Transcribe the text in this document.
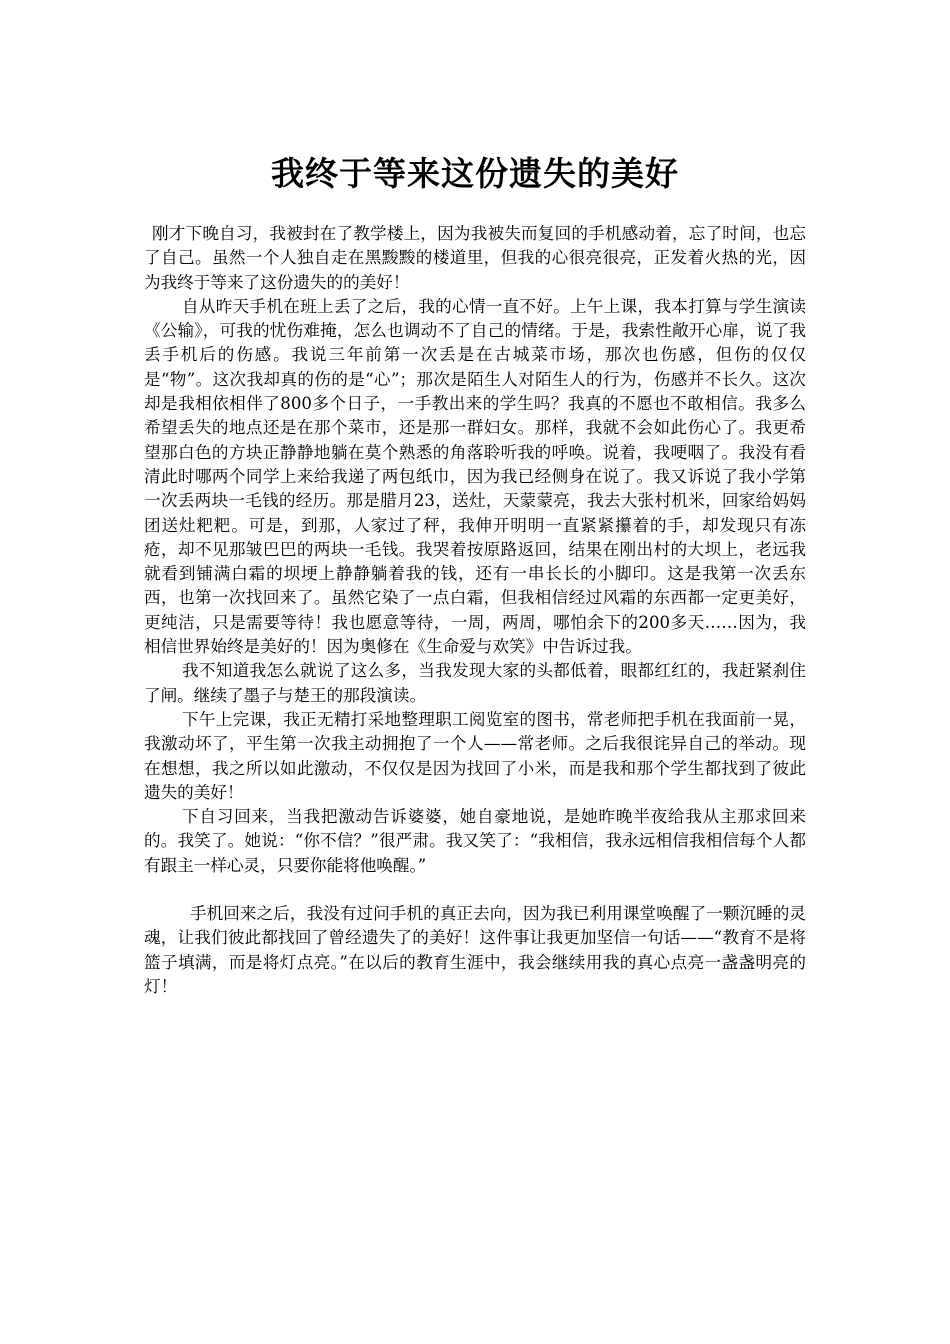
我终于等来这份遗失的美好

刚才下晚自习，我被封在了教学楼上，因为我被失而复回的手机感动着，忘了时间，也忘了自己。虽然一个人独自走在黑黢黢的楼道里，但我的心很亮很亮，正发着火热的光，因为我终于等来了这份遗失的的美好！

自从昨天手机在班上丢了之后，我的心情一直不好。上午上课，我本打算与学生演读《公输》，可我的忧伤难掩，怎么也调动不了自己的情绪。于是，我索性敞开心扉，说了我丢手机后的伤感。我说三年前第一次丢是在古城菜市场，那次也伤感，但伤的仅仅是“物”。这次我却真的伤的是“心”；那次是陌生人对陌生人的行为，伤感并不长久。这次却是我相依相伴了800多个日子，一手教出来的学生吗？我真的不愿也不敢相信。我多么希望丢失的地点还是在那个菜市，还是那一群妇女。那样，我就不会如此伤心了。我更希望那白色的方块正静静地躺在莫个熟悉的角落聆听我的呼唤。说着，我哽咽了。我没有看清此时哪两个同学上来给我递了两包纸巾，因为我已经侧身在说了。我又诉说了我小学第一次丢两块一毛钱的经历。那是腊月23，送灶，天蒙蒙亮，我去大张村机米，回家给妈妈团送灶粑粑。可是，到那，人家过了秤，我伸开明明一直紧紧攥着的手，却发现只有冻疮，却不见那皱巴巴的两块一毛钱。我哭着按原路返回，结果在刚出村的大坝上，老远我就看到铺满白霜的坝埂上静静躺着我的钱，还有一串长长的小脚印。这是我第一次丢东西，也第一次找回来了。虽然它染了一点白霜，但我相信经过风霜的东西都一定更美好，更纯洁，只是需要等待！我也愿意等待，一周，两周，哪怕余下的200多天……因为，我相信世界始终是美好的！因为奥修在《生命爱与欢笑》中告诉过我。

我不知道我怎么就说了这么多，当我发现大家的头都低着，眼都红红的，我赶紧刹住了闸。继续了墨子与楚王的那段演读。

下午上完课，我正无精打采地整理职工阅览室的图书，常老师把手机在我面前一晃，我激动坏了，平生第一次我主动拥抱了一个人——常老师。之后我很诧异自己的举动。现在想想，我之所以如此激动，不仅仅是因为找回了小米，而是我和那个学生都找到了彼此遗失的美好！

下自习回来，当我把激动告诉婆婆，她自豪地说，是她昨晚半夜给我从主那求回来的。我笑了。她说：“你不信？”很严肃。我又笑了：“我相信，我永远相信我相信每个人都有跟主一样心灵，只要你能将他唤醒。”

手机回来之后，我没有过问手机的真正去向，因为我已利用课堂唤醒了一颗沉睡的灵魂，让我们彼此都找回了曾经遗失了的美好！这件事让我更加坚信一句话——“教育不是将篮子填满，而是将灯点亮。”在以后的教育生涯中，我会继续用我的真心点亮一盏盏明亮的灯！
